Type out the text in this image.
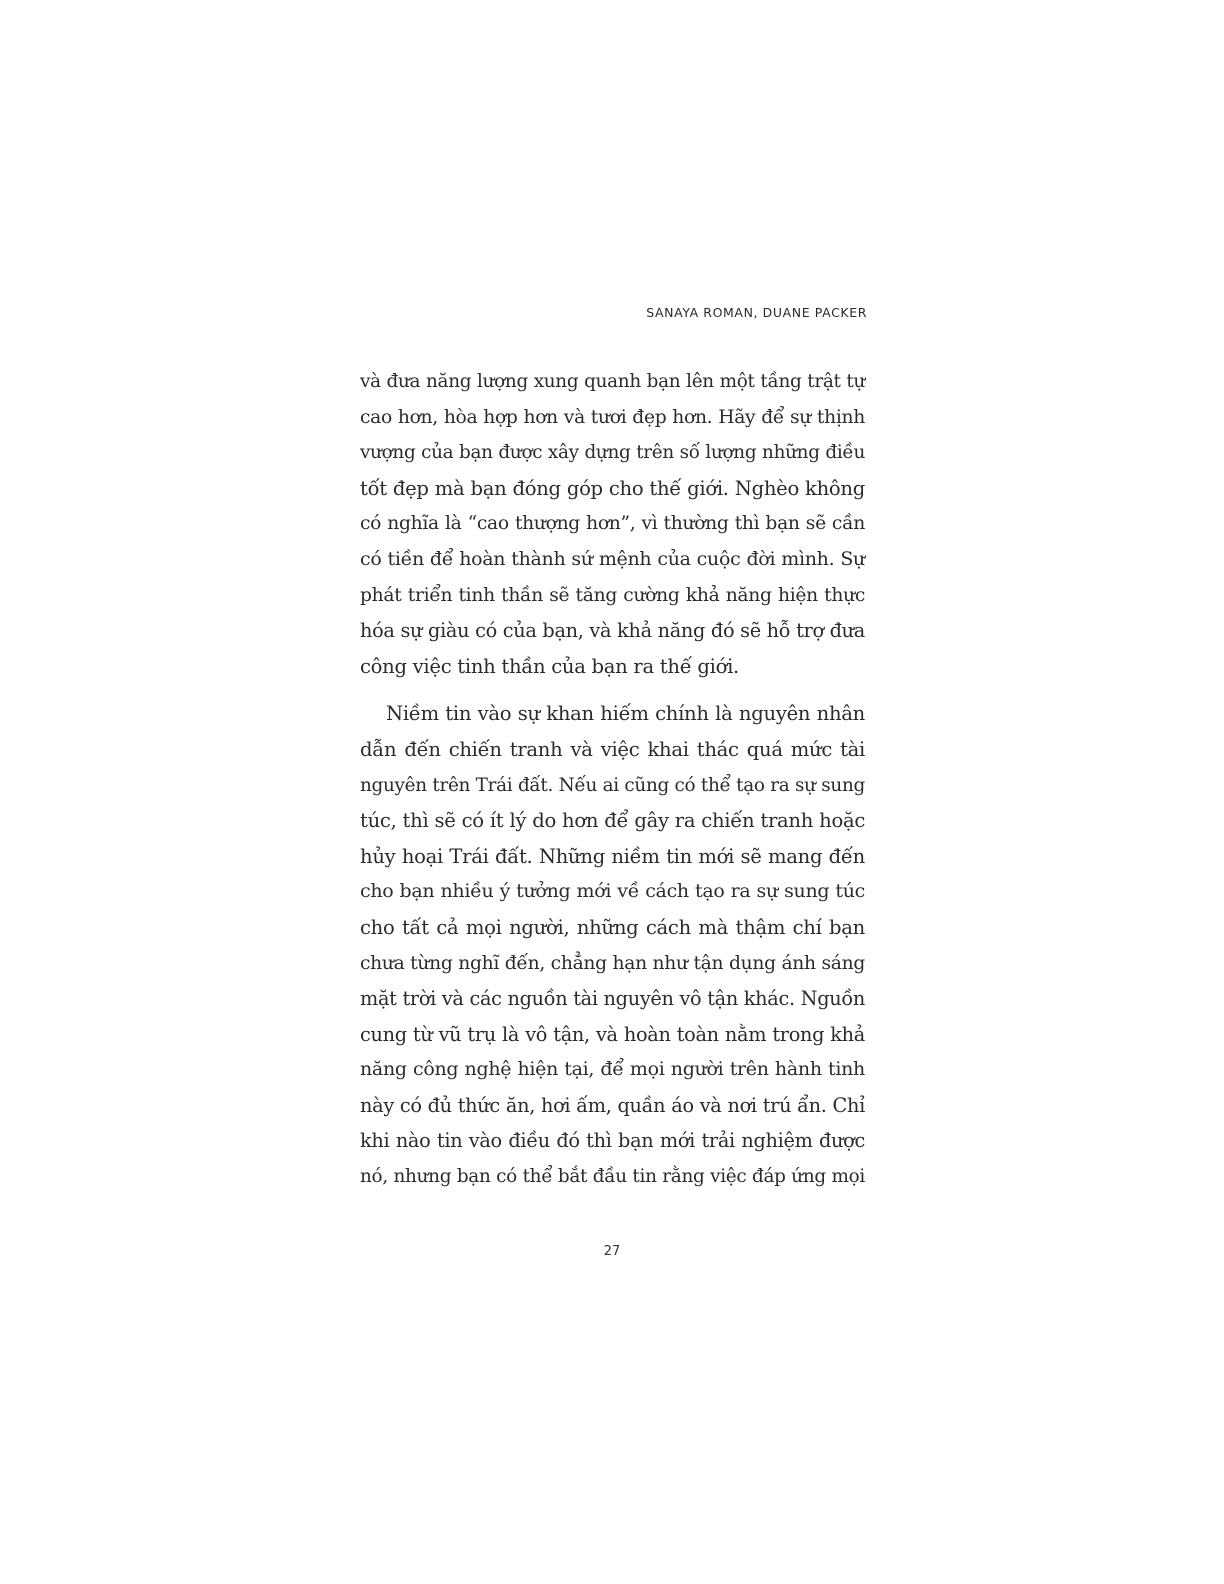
SANAYA ROMAN, DUANE PACKER
và đưa năng lượng xung quanh bạn lên một tầng trật tự
cao hơn, hòa hợp hơn và tươi đẹp hơn. Hãy để sự thịnh
vượng của bạn được xây dựng trên số lượng những điều
tốt đẹp mà bạn đóng góp cho thế giới. Nghèo không
có nghĩa là “cao thượng hơn”, vì thường thì bạn sẽ cần
có tiền để hoàn thành sứ mệnh của cuộc đời mình. Sự
phát triển tinh thần sẽ tăng cường khả năng hiện thực
hóa sự giàu có của bạn, và khả năng đó sẽ hỗ trợ đưa
công việc tinh thần của bạn ra thế giới.
Niềm tin vào sự khan hiếm chính là nguyên nhân
dẫn đến chiến tranh và việc khai thác quá mức tài
nguyên trên Trái đất. Nếu ai cũng có thể tạo ra sự sung
túc, thì sẽ có ít lý do hơn để gây ra chiến tranh hoặc
hủy hoại Trái đất. Những niềm tin mới sẽ mang đến
cho bạn nhiều ý tưởng mới về cách tạo ra sự sung túc
cho tất cả mọi người, những cách mà thậm chí bạn
chưa từng nghĩ đến, chẳng hạn như tận dụng ánh sáng
mặt trời và các nguồn tài nguyên vô tận khác. Nguồn
cung từ vũ trụ là vô tận, và hoàn toàn nằm trong khả
năng công nghệ hiện tại, để mọi người trên hành tinh
này có đủ thức ăn, hơi ấm, quần áo và nơi trú ẩn. Chỉ
khi nào tin vào điều đó thì bạn mới trải nghiệm được
nó, nhưng bạn có thể bắt đầu tin rằng việc đáp ứng mọi
27
